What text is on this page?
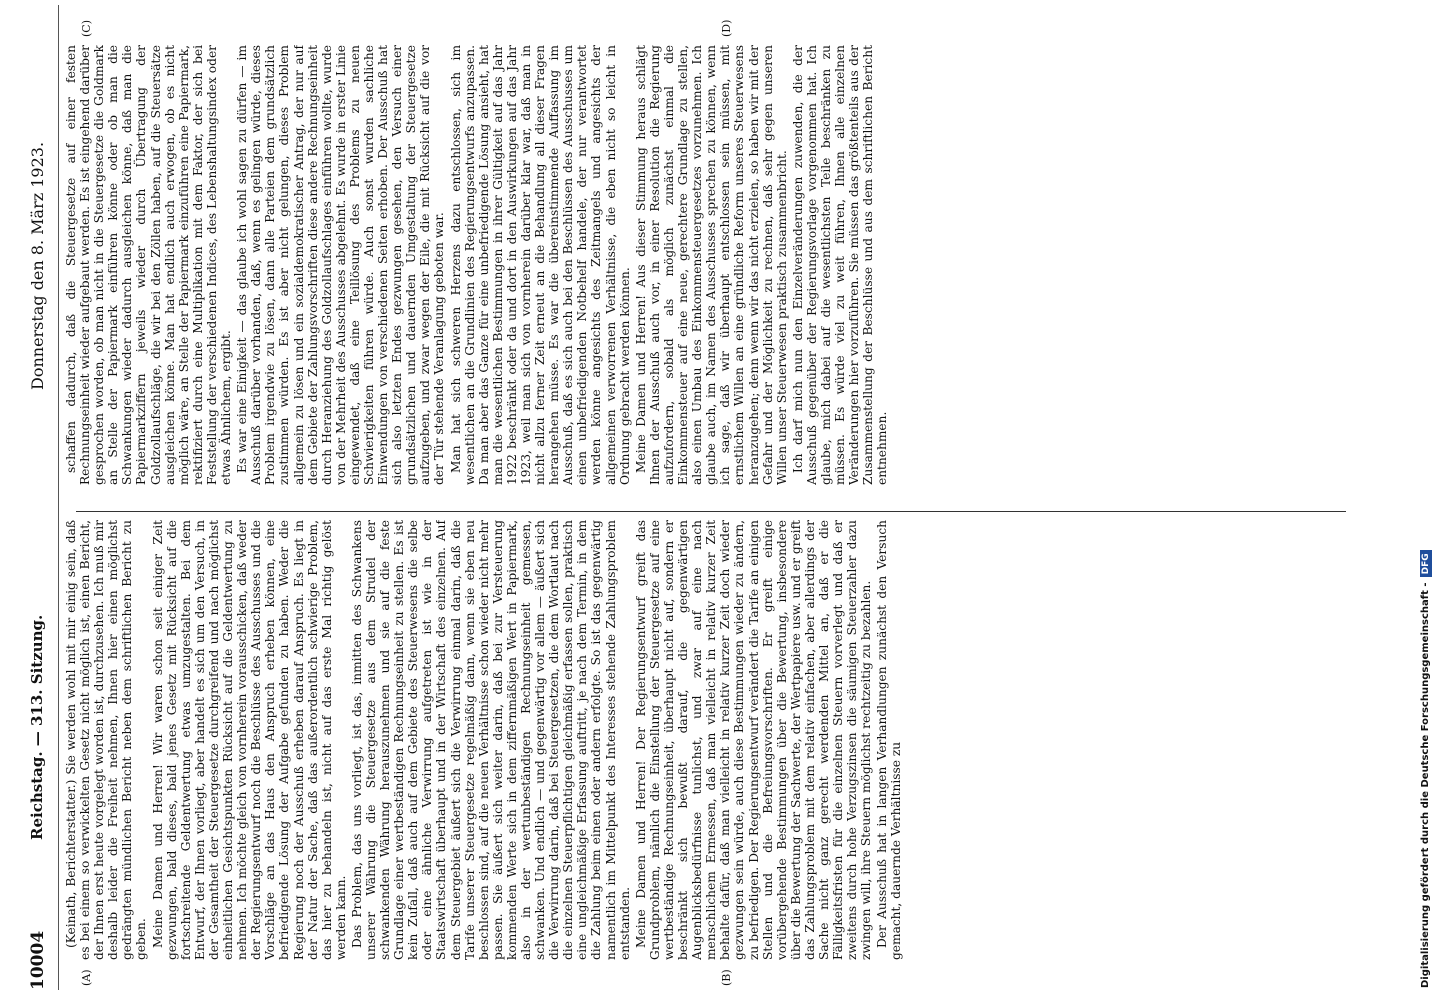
10004
Reichstag. — 313. Sitzung.
Donnerstag den 8. März 1923.
(A)	(B)
(C)	(D)

(Keinath, Berichterstatter.) Sie werden wohl mit mir einig sein, daß es bei einem so verwickelten Gesetz nicht möglich ist, einen Bericht, der Ihnen erst heute vorgelegt worden ist, durchzusehen. Ich muß mir deshalb leider die Freiheit nehmen, Ihnen hier einen möglichst gedrängten mündlichen Bericht neben dem schriftlichen Bericht zu geben. Meine Damen und Herren! Wir waren schon seit einiger Zeit gezwungen, bald dieses, bald jenes Gesetz mit Rücksicht auf die fortschreitende Geldentwertung etwas umzugestalten. Bei dem Entwurf, der Ihnen vorliegt, aber handelt es sich um den Versuch, in der Gesamtheit der Steuergesetze durchgreifend und nach möglichst einheitlichen Gesichtspunkten Rücksicht auf die Geldentwertung zu nehmen. Ich möchte gleich von vornherein vorausschicken, daß weder der Regierungsentwurf noch die Beschlüsse des Ausschusses und die Vorschläge an das Haus den Anspruch erheben können, eine befriedigende Lösung der Aufgabe gefunden zu haben. Weder die Regierung noch der Ausschuß erheben darauf Anspruch. Es liegt in der Natur der Sache, daß das außerordentlich schwierige Problem, das hier zu behandeln ist, nicht auf das erste Mal richtig gelöst werden kann. Das Problem, das uns vorliegt, ist das, inmitten des Schwankens unserer Währung die Steuergesetze aus dem Strudel der schwankenden Währung herauszunehmen und sie auf die feste Grundlage einer wertbeständigen Rechnungseinheit zu stellen. Es ist kein Zufall, daß auch auf dem Gebiete des Steuerwesens die selbe oder eine ähnliche Verwirrung aufgetreten ist wie in der Staatswirtschaft überhaupt und in der Wirtschaft des einzelnen. Auf dem Steuergebiet äußert sich die Verwirrung einmal darin, daß die Tarife unserer Steuergesetze regelmäßig dann, wenn sie eben neu beschlossen sind, auf die neuen Verhältnisse schon wieder nicht mehr passen. Sie äußert sich weiter darin, daß bei zur Versteuerung kommenden Werte sich in dem ziffernmäßigen Wert in Papiermark, also in der wertunbeständigen Rechnungseinheit gemessen, schwanken. Und endlich — und gegenwärtig vor allem — äußert sich die Verwirrung darin, daß bei Steuergesetzen, die dem Wortlaut nach die einzelnen Steuerpflichtigen gleichmäßig erfassen sollen, praktisch eine ungleichmäßige Erfassung auftritt, je nach dem Termin, in dem die Zahlung beim einen oder andern erfolgte. So ist das gegenwärtig namentlich im Mittelpunkt des Interesses stehende Zahlungsproblem entstanden. Meine Damen und Herren! Der Regierungsentwurf greift das Grundproblem, nämlich die Einstellung der Steuergesetze auf eine wertbeständige Rechnungseinheit, überhaupt nicht auf, sondern er beschränkt sich bewußt darauf, die gegenwärtigen Augenblicksbedürfnisse tunlichst, und zwar auf eine nach menschlichem Ermessen, daß man vielleicht in relativ kurzer Zeit behalte dafür, daß man vielleicht in relativ kurzer Zeit doch wieder gezwungen sein würde, auch diese Bestimmungen wieder zu ändern, zu befriedigen. Der Regierungsentwurf verändert die Tarife an einigen Stellen und die Befreiungsvorschriften. Er greift einige vorübergehende Bestimmungen über die Bewertung, insbesondere über die Bewertung der Sachwerte, der Wertpapiere usw. und er greift das Zahlungsproblem mit dem relativ einfachen, aber allerdings der Sache nicht ganz gerecht werdenden Mittel an, daß er die Fälligkeitsfristen für die einzelnen Steuern vorverlegt und daß er zweitens durch hohe Verzugszinsen die säumigen Steuerzahler dazu zwingen will, ihre Steuern möglichst rechtzeitig zu bezahlen. Der Ausschuß hat in langen Verhandlungen zunächst den Versuch gemacht, dauernde Verhältnisse zu

schaffen dadurch, daß die Steuergesetze auf einer festen Rechnungseinheit wieder aufgebaut werden. Es ist eingehend darüber gesprochen worden, ob man nicht in die Steuergesetze die Goldmark an Stelle der Papiermark einführen könne oder ob man die Schwankungen wieder dadurch ausgleichen könne, daß man die Papiermarkziffern jeweils wieder durch Übertragung der Goldzollaufschläge, die wir bei den Zöllen haben, auf die Steuersätze ausgleichen könne. Man hat endlich auch erwogen, ob es nicht möglich wäre, an Stelle der Papiermark einzuführen eine Papiermark, rektifiziert durch eine Multiplikation mit dem Faktor, der sich bei Feststellung der verschiedenen Indices, des Lebenshaltungsindex oder etwas Ähnlichem, ergibt. Es war eine Einigkeit — das glaube ich wohl sagen zu dürfen — im Ausschuß darüber vorhanden, daß, wenn es gelingen würde, dieses Problem irgendwie zu lösen, dann alle Parteien dem grundsätzlich zustimmen würden. Es ist aber nicht gelungen, dieses Problem allgemein zu lösen und ein sozialdemokratischer Antrag, der nur auf dem Gebiete der Zahlungsvorschriften diese andere Rechnungseinheit durch Heranziehung des Goldzollaufschlages einführen wollte, wurde von der Mehrheit des Ausschusses abgelehnt. Es wurde in erster Linie eingewendet, daß eine Teillösung des Problems zu neuen Schwierigkeiten führen würde. Auch sonst wurden sachliche Einwendungen von verschiedenen Seiten erhoben. Der Ausschuß hat sich also letzten Endes gezwungen gesehen, den Versuch einer grundsätzlichen und dauernden Umgestaltung der Steuergesetze aufzugeben, und zwar wegen der Eile, die mit Rücksicht auf die vor der Tür stehende Veranlagung geboten war. Man hat sich schweren Herzens dazu entschlossen, sich im wesentlichen an die Grundlinien des Regierungsentwurfs anzupassen. Da man aber das Ganze für eine unbefriedigende Lösung ansieht, hat man die wesentlichen Bestimmungen in ihrer Gültigkeit auf das Jahr 1922 beschränkt oder da und dort in den Auswirkungen auf das Jahr 1923, weil man sich von vornherein darüber klar war, daß man in nicht allzu ferner Zeit erneut an die Behandlung all dieser Fragen herangehen müsse. Es war die übereinstimmende Auffassung im Ausschuß, daß es sich auch bei den Beschlüssen des Ausschusses um einen unbefriedigenden Notbehelf handele, der nur verantwortet werden könne angesichts des Zeitmangels und angesichts der allgemeinen verworrenen Verhältnisse, die eben nicht so leicht in Ordnung gebracht werden können. Meine Damen und Herren! Aus dieser Stimmung heraus schlägt Ihnen der Ausschuß auch vor, in einer Resolution die Regierung aufzufordern, sobald als möglich zunächst einmal die Einkommensteuer auf eine neue, gerechtere Grundlage zu stellen, also einen Umbau des Einkommensteuergesetzes vorzunehmen. Ich glaube auch, im Namen des Ausschusses sprechen zu können, wenn ich sage, daß wir überhaupt entschlossen sein müssen, mit ernstlichem Willen an eine gründliche Reform unseres Steuerwesens heranzugehen; denn wenn wir das nicht erzielen, so haben wir mit der Gefahr und der Möglichkeit zu rechnen, daß sehr gegen unseren Willen unser Steuerwesen praktisch zusammenbricht. Ich darf mich nun den Einzelveränderungen zuwenden, die der Ausschuß gegenüber der Regierungsvorlage vorgenommen hat. Ich glaube, mich dabei auf die wesentlichsten Teile beschränken zu müssen. Es würde viel zu weit führen, Ihnen alle einzelnen Veränderungen hier vorzuführen. Sie müssen das größtenteils aus der Zusammenstellung der Beschlüsse und aus dem schriftlichen Bericht entnehmen.

Digitalisierung gefördert durch die Deutsche Forschungsgemeinschaft - DFG
